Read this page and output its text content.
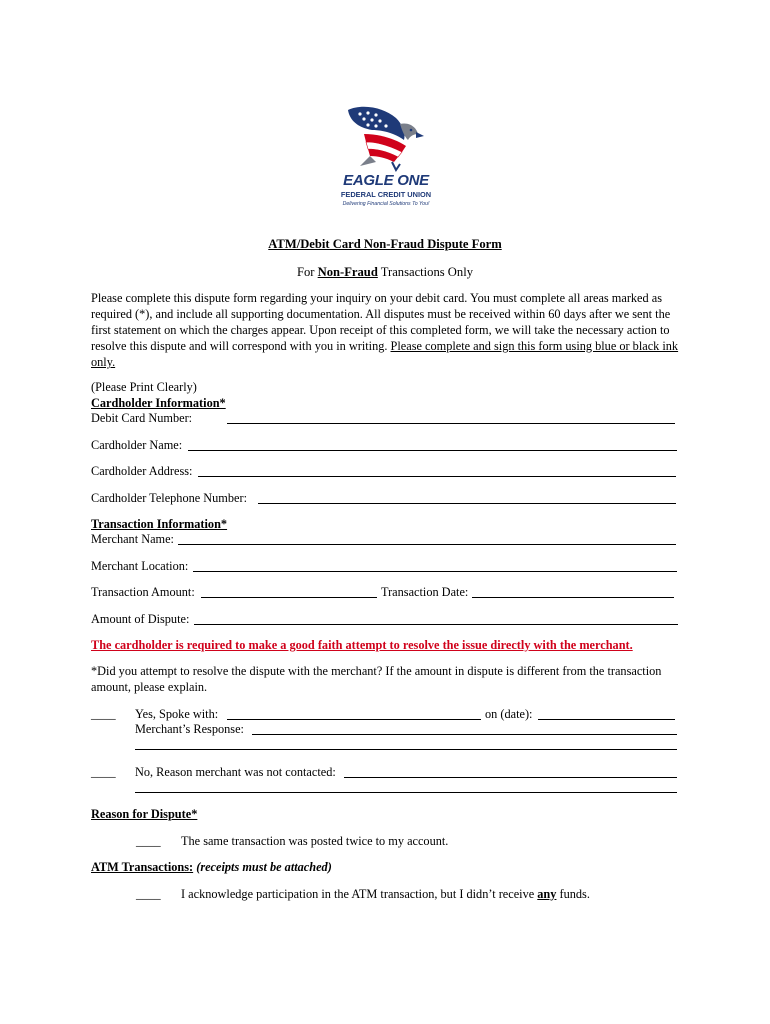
EAGLE ONE
FEDERAL CREDIT UNION
Delivering Financial Solutions To You!
ATM/Debit Card Non-Fraud Dispute Form
For Non-Fraud Transactions Only
Please complete this dispute form regarding your inquiry on your debit card. You must complete all areas marked as required (*), and include all supporting documentation. All disputes must be received within 60 days after we sent the first statement on which the charges appear. Upon receipt of this completed form, we will take the necessary action to resolve this dispute and will correspond with you in writing. Please complete and sign this form using blue or black ink only.
(Please Print Clearly)
Cardholder Information*
Debit Card Number:
Cardholder Name:
Cardholder Address:
Cardholder Telephone Number:
Transaction Information*
Merchant Name:
Merchant Location:
Transaction Amount:	Transaction Date:
Amount of Dispute:
The cardholder is required to make a good faith attempt to resolve the issue directly with the merchant.
*Did you attempt to resolve the dispute with the merchant? If the amount in dispute is different from the transaction amount, please explain.
____ Yes, Spoke with:	on (date):
Merchant’s Response:
____ No, Reason merchant was not contacted:
Reason for Dispute*
____ The same transaction was posted twice to my account.
ATM Transactions: (receipts must be attached)
____ I acknowledge participation in the ATM transaction, but I didn’t receive any funds.
